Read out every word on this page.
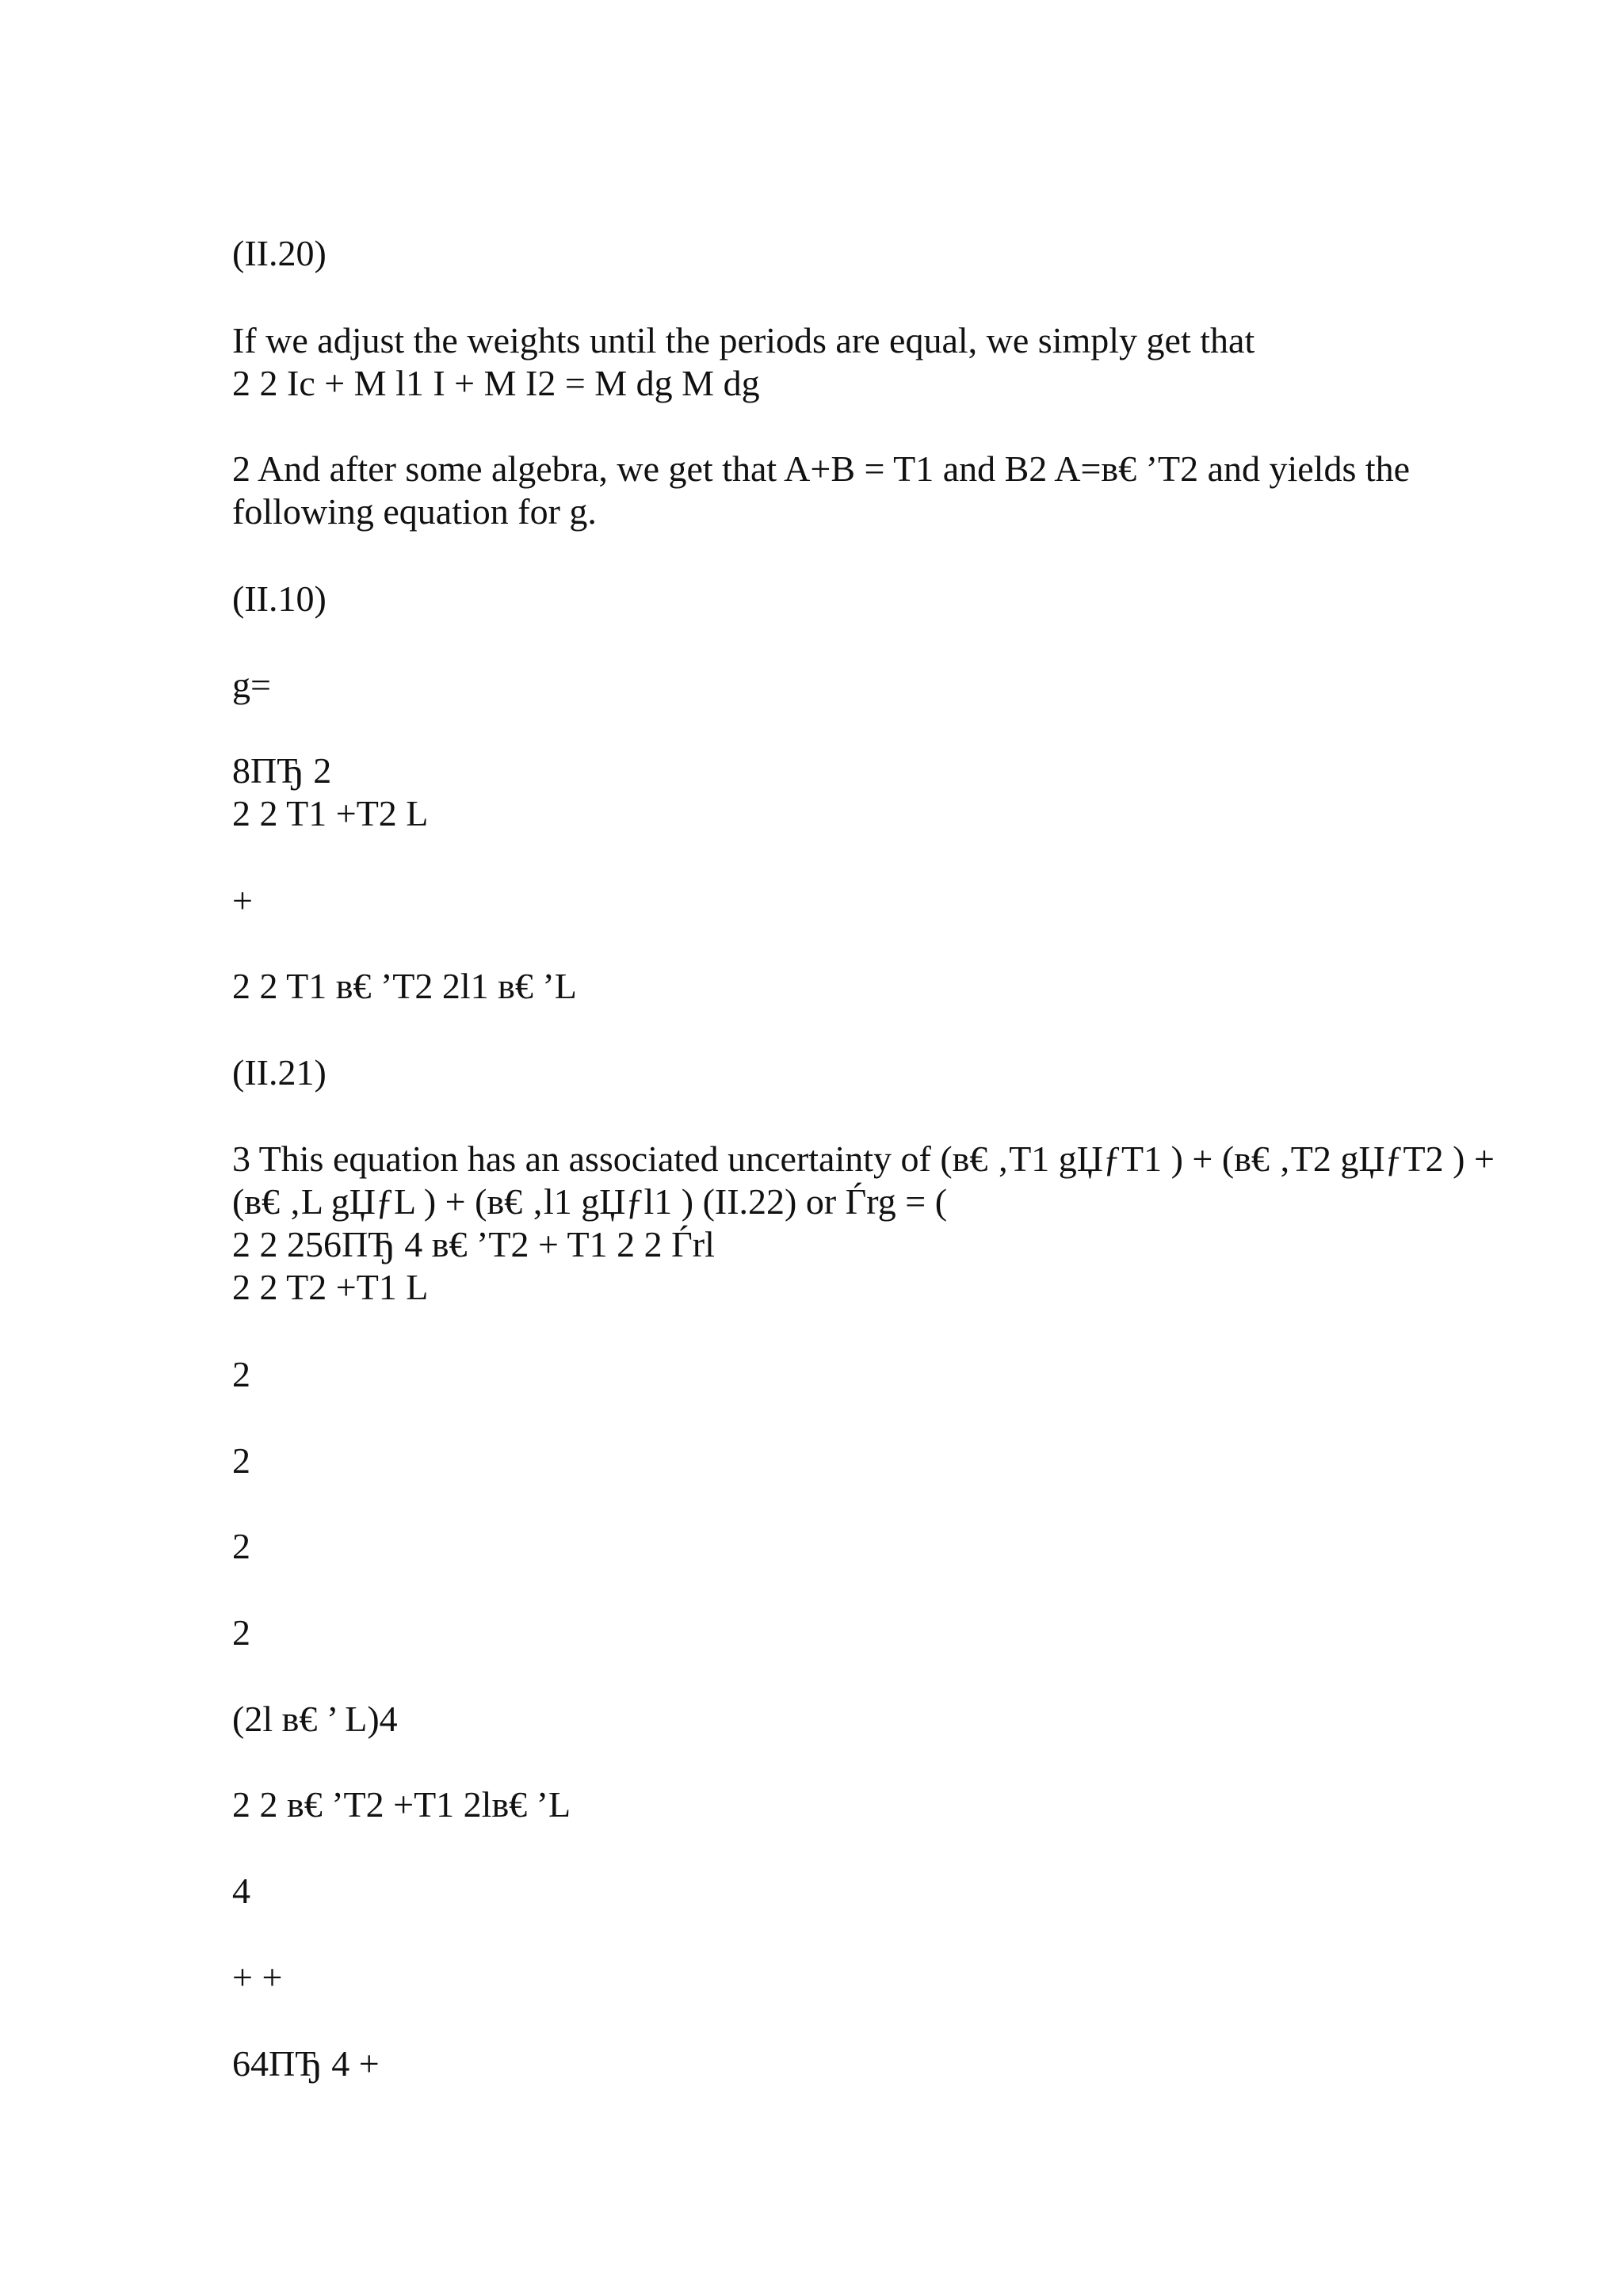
(II.20)
If we adjust the weights until the periods are equal, we simply get that
2 2 Ic + M l1 I + M I2 = M dg M dg
2 And after some algebra, we get that A+B = T1 and B2 A=в€ ’T2 and yields the
following equation for g.
(II.10)
g=
8ПЂ 2
2 2 T1 +T2 L
+
2 2 T1 в€ ’T2 2l1 в€ ’L
(II.21)
3 This equation has an associated uncertainty of (в€ ‚T1 gЏƒT1 ) + (в€ ‚T2 gЏƒT2 ) +
(в€ ‚L gЏƒL ) + (в€ ‚l1 gЏƒl1 ) (II.22) or Ѓrg = (
2 2 256ПЂ 4 в€ ’T2 + T1 2 2 Ѓrl
2 2 T2 +T1 L
2
2
2
2
(2l в€ ’ L)4
2 2 в€ ’T2 +T1 2lв€ ’L
4
+ +
64ПЂ 4 +
